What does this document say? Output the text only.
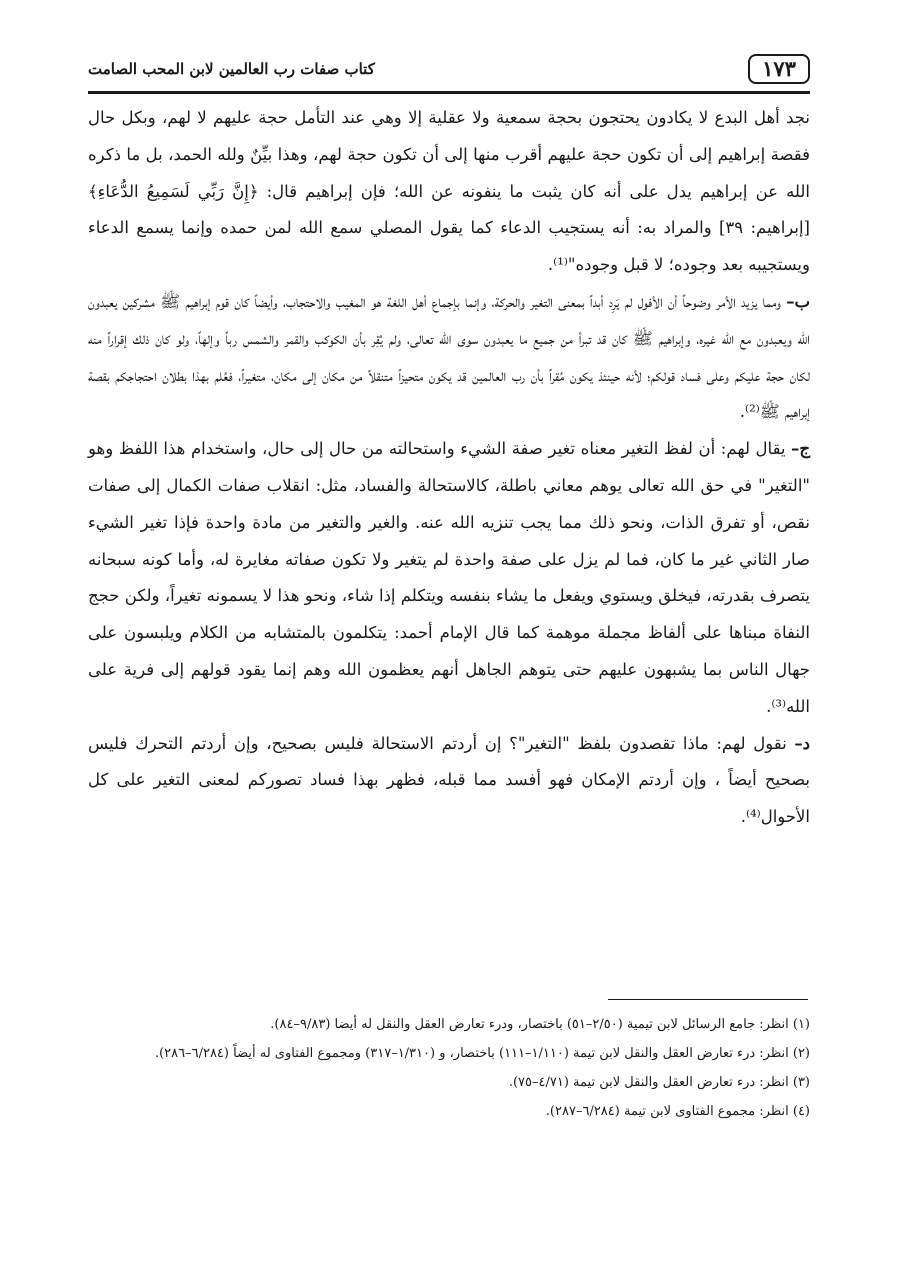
١٧٣
كتاب صفات رب العالمين لابن المحب الصامت

نجد أهل البدع لا يكادون يحتجون بحجة سمعية ولا عقلية إلا وهي عند التأمل حجة عليهم لا لهم، وبكل حال فقصة إبراهيم إلى أن تكون حجة عليهم أقرب منها إلى أن تكون حجة لهم، وهذا بيِّنٌ ولله الحمد، بل ما ذكره الله عن إبراهيم يدل على أنه كان يثبت ما ينفونه عن الله؛ فإن إبراهيم قال: ﴿إِنَّ رَبِّي لَسَمِيعُ الدُّعَاءِ﴾ [إبراهيم: ٣٩] والمراد به: أنه يستجيب الدعاء كما يقول المصلي سمع الله لمن حمده وإنما يسمع الدعاء ويستجيبه بعد وجوده؛ لا قبل وجوده"⁽¹⁾.

ب– ومما يزيد الأمر وضوحاً أن الأفول لم يَرِد أبداً بمعنى التغير والحركة، وإنما بإجماع أهل اللغة هو المغيب والاحتجاب، وأيضاً كان قوم إبراهيم ﷺ مشركين يعبدون الله ويعبدون مع الله غيره، وإبراهيم ﷺ كان قد تبرأ من جميع ما يعبدون سوى الله تعالى، ولم يُقِر بأن الكوكب والقمر والشمس رباً وإلهاً، ولو كان ذلك إقراراً منه لكان حجة عليكم وعلى فساد قولكم؛ لأنه حينئذ يكون مُقراً بأن رب العالمين قد يكون متحيزاً متنقلاً من مكان إلى مكان، متغيراً، فعُلم بهذا بطلان احتجاجكم بقصة إبراهيم ﷺ⁽²⁾.

ج– يقال لهم: أن لفظ التغير معناه تغير صفة الشيء واستحالته من حال إلى حال، واستخدام هذا اللفظ وهو "التغير" في حق الله تعالى يوهم معاني باطلة، كالاستحالة والفساد، مثل: انقلاب صفات الكمال إلى صفات نقص، أو تفرق الذات، ونحو ذلك مما يجب تنزيه الله عنه. والغير والتغير من مادة واحدة فإذا تغير الشيء صار الثاني غير ما كان، فما لم يزل على صفة واحدة لم يتغير ولا تكون صفاته مغايرة له، وأما كونه سبحانه يتصرف بقدرته، فيخلق ويستوي ويفعل ما يشاء بنفسه ويتكلم إذا شاء، ونحو هذا لا يسمونه تغيراً، ولكن حجج النفاة مبناها على ألفاظ مجملة موهمة كما قال الإمام أحمد: يتكلمون بالمتشابه من الكلام ويلبسون على جهال الناس بما يشبهون عليهم حتى يتوهم الجاهل أنهم يعظمون الله وهم إنما يقود قولهم إلى فرية على الله⁽³⁾.

د– نقول لهم: ماذا تقصدون بلفظ "التغير"؟ إن أردتم الاستحالة فليس بصحيح، وإن أردتم التحرك فليس بصحيح أيضاً ، وإن أردتم الإمكان فهو أفسد مما قبله، فظهر بهذا فساد تصوركم لمعنى التغير على كل الأحوال⁽⁴⁾.

(١) انظر: جامع الرسائل لابن تيمية (٢/٥٠–٥١) باختصار، ودرء تعارض العقل والنقل له أيضا (٩/٨٣–٨٤).

(٢) انظر: درء تعارض العقل والنقل لابن تيمة (١/١١٠–١١١) باختصار، و (١/٣١٠–٣١٧) ومجموع الفتاوى له أيضاً (٦/٢٨٤–٢٨٦).

(٣) انظر: درء تعارض العقل والنقل لابن تيمة (٤/٧١–٧٥).

(٤) انظر: مجموع الفتاوى لابن تيمة (٦/٢٨٤–٢٨٧).
